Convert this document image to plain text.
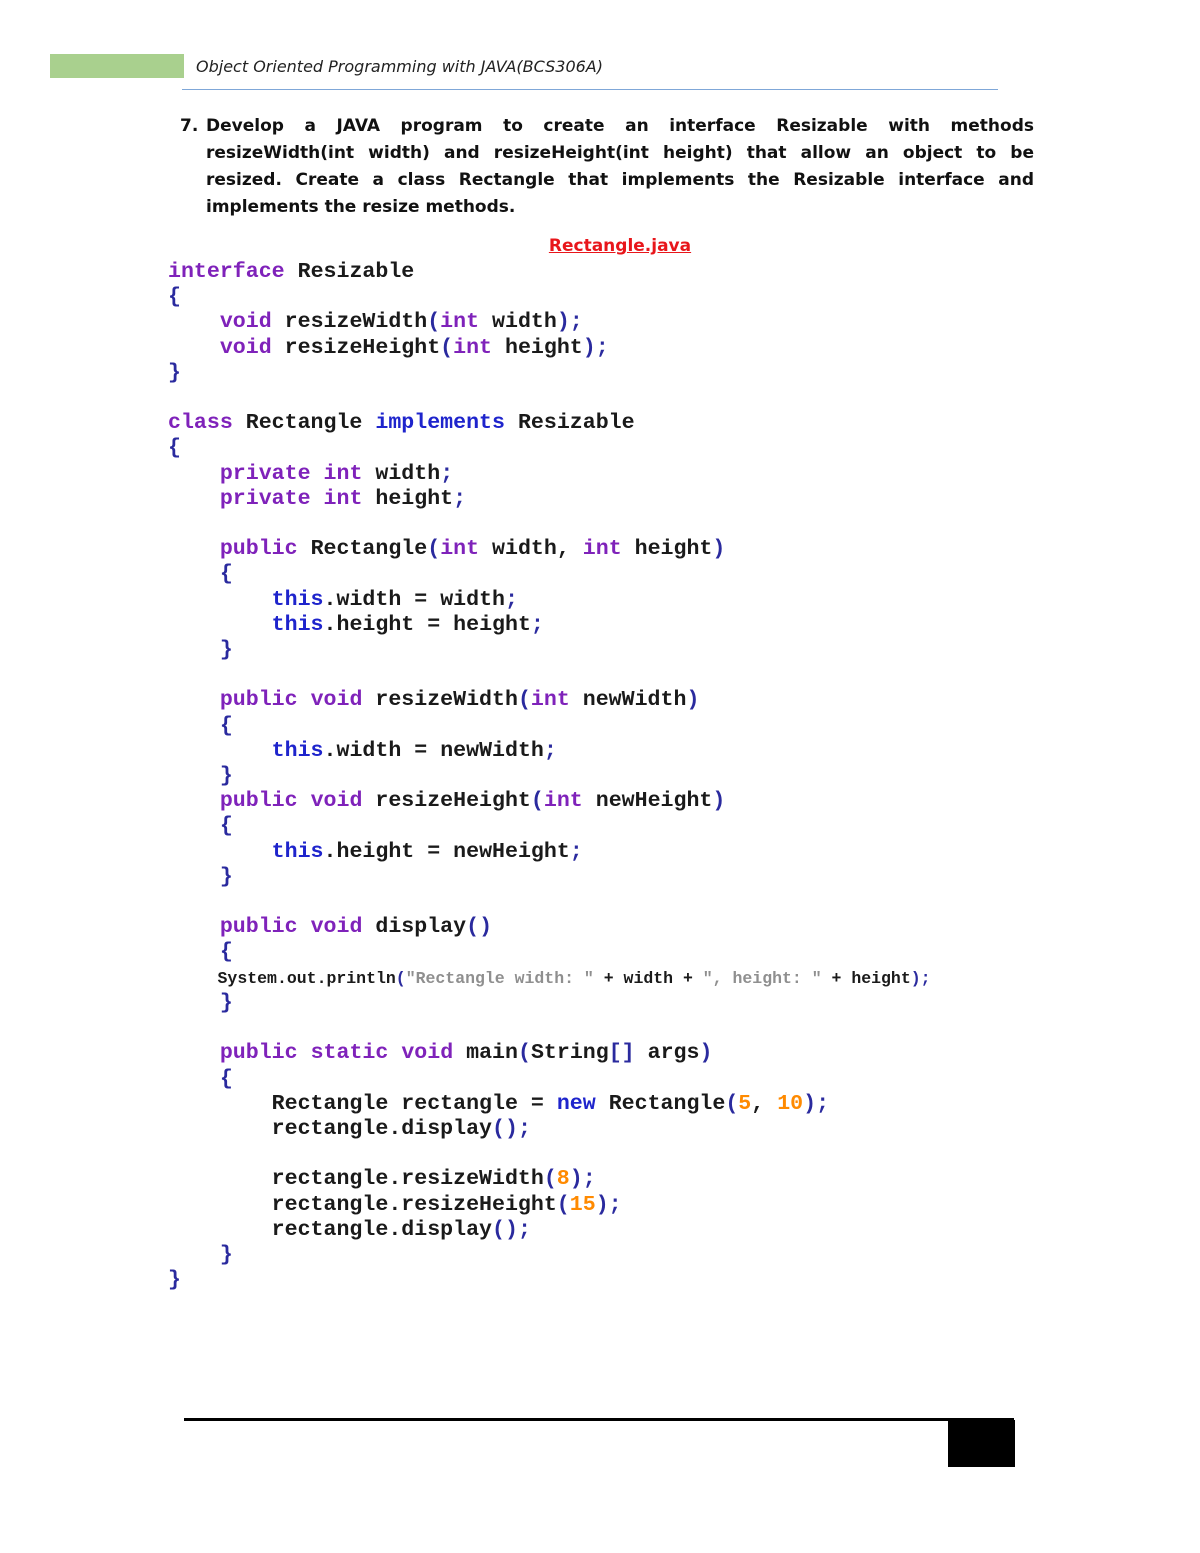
Object Oriented Programming with JAVA(BCS306A)
7. Develop a JAVA program to create an interface Resizable with methods resizeWidth(int width) and resizeHeight(int height) that allow an object to be resized. Create a class Rectangle that implements the Resizable interface and implements the resize methods.
Rectangle.java
interface Resizable
{
void resizeWidth(int width);
void resizeHeight(int height);
}

class Rectangle implements Resizable
{
private int width;
private int height;

public Rectangle(int width, int height)
{
this.width = width;
this.height = height;
}

public void resizeWidth(int newWidth)
{
this.width = newWidth;
}
public void resizeHeight(int newHeight)
{
this.height = newHeight;
}

public void display()
{
System.out.println("Rectangle width: " + width + ", height: " + height);
}

public static void main(String[] args)
{
Rectangle rectangle = new Rectangle(5, 10);
rectangle.display();

rectangle.resizeWidth(8);
rectangle.resizeHeight(15);
rectangle.display();
}
}
